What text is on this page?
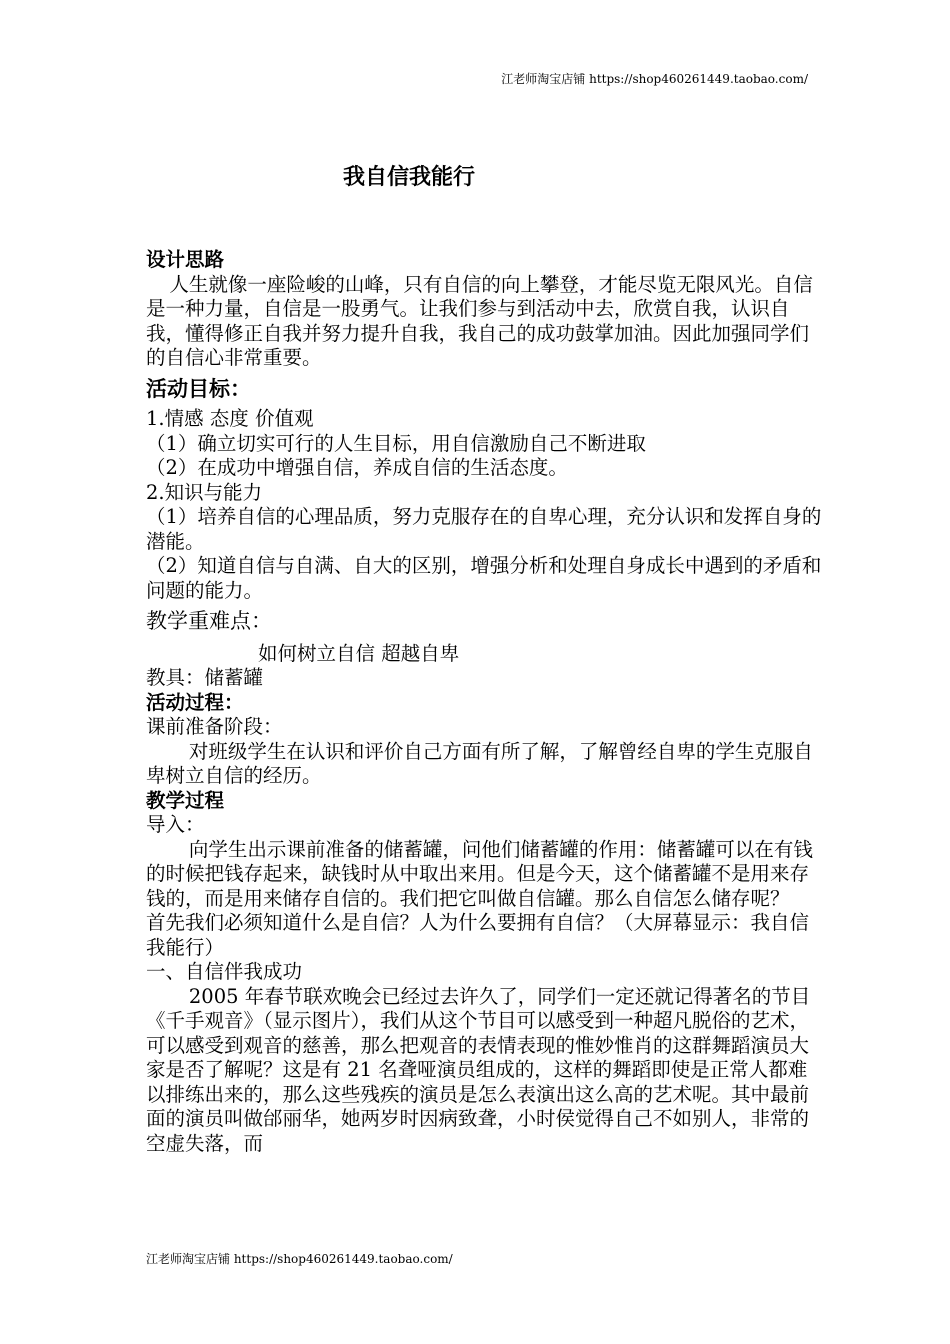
江老师淘宝店铺 https://shop460261449.taobao.com/
我自信我能行

设计思路

人生就像一座险峻的山峰，只有自信的向上攀登，才能尽览无限风光。自信是一种力量，自信是一股勇气。让我们参与到活动中去，欣赏自我，认识自我，懂得修正自我并努力提升自我，我自己的成功鼓掌加油。因此加强同学们的自信心非常重要。

活动目标：

1.情感 态度 价值观

（1）确立切实可行的人生目标，用自信激励自己不断进取

（2）在成功中增强自信，养成自信的生活态度。

2.知识与能力

（1）培养自信的心理品质，努力克服存在的自卑心理，充分认识和发挥自身的潜能。

（2）知道自信与自满、自大的区别，增强分析和处理自身成长中遇到的矛盾和问题的能力。

教学重难点：

如何树立自信 超越自卑

教具：储蓄罐

活动过程：

课前准备阶段：

对班级学生在认识和评价自己方面有所了解，了解曾经自卑的学生克服自卑树立自信的经历。

教学过程

导入：

向学生出示课前准备的储蓄罐，问他们储蓄罐的作用：储蓄罐可以在有钱的时候把钱存起来，缺钱时从中取出来用。但是今天，这个储蓄罐不是用来存钱的，而是用来储存自信的。我们把它叫做自信罐。那么自信怎么储存呢？

首先我们必须知道什么是自信？人为什么要拥有自信？（大屏幕显示：我自信我能行）

一、自信伴我成功

2005 年春节联欢晚会已经过去许久了，同学们一定还就记得著名的节目《千手观音》（显示图片），我们从这个节目可以感受到一种超凡脱俗的艺术，可以感受到观音的慈善，那么把观音的表情表现的惟妙惟肖的这群舞蹈演员大家是否了解呢？这是有 21 名聋哑演员组成的，这样的舞蹈即使是正常人都难以排练出来的，那么这些残疾的演员是怎么表演出这么高的艺术呢。其中最前面的演员叫做邰丽华，她两岁时因病致聋，小时侯觉得自己不如别人，非常的空虚失落，而

江老师淘宝店铺 https://shop460261449.taobao.com/
